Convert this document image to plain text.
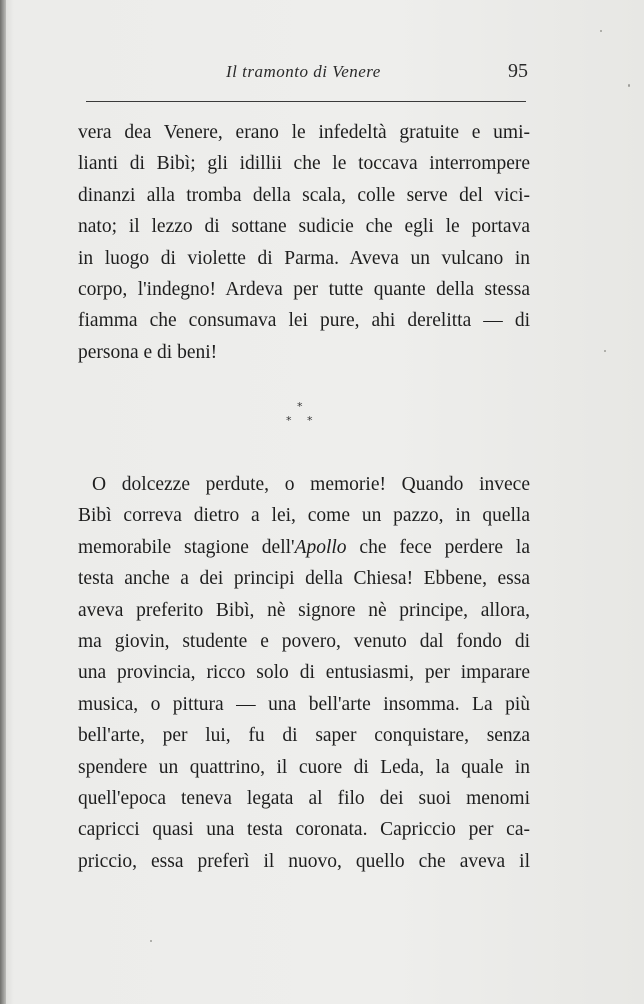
Il tramonto di Venere	95
vera dea Venere, erano le infedeltà gratuite e umi-
lianti di Bibì; gli idillii che le toccava interrompere
dinanzi alla tromba della scala, colle serve del vici-
nato; il lezzo di sottane sudicie che egli le portava
in luogo di violette di Parma. Aveva un vulcano in
corpo, l'indegno! Ardeva per tutte quante della stessa
fiamma che consumava lei pure, ahi derelitta — di
persona e di beni!
*
* *
O dolcezze perdute, o memorie! Quando invece
Bibì correva dietro a lei, come un pazzo, in quella
memorabile stagione dell'Apollo che fece perdere la
testa anche a dei principi della Chiesa! Ebbene, essa
aveva preferito Bibì, nè signore nè principe, allora,
ma giovin, studente e povero, venuto dal fondo di
una provincia, ricco solo di entusiasmi, per imparare
musica, o pittura — una bell'arte insomma. La più
bell'arte, per lui, fu di saper conquistare, senza
spendere un quattrino, il cuore di Leda, la quale in
quell'epoca teneva legata al filo dei suoi menomi
capricci quasi una testa coronata. Capriccio per ca-
priccio, essa preferì il nuovo, quello che aveva il
